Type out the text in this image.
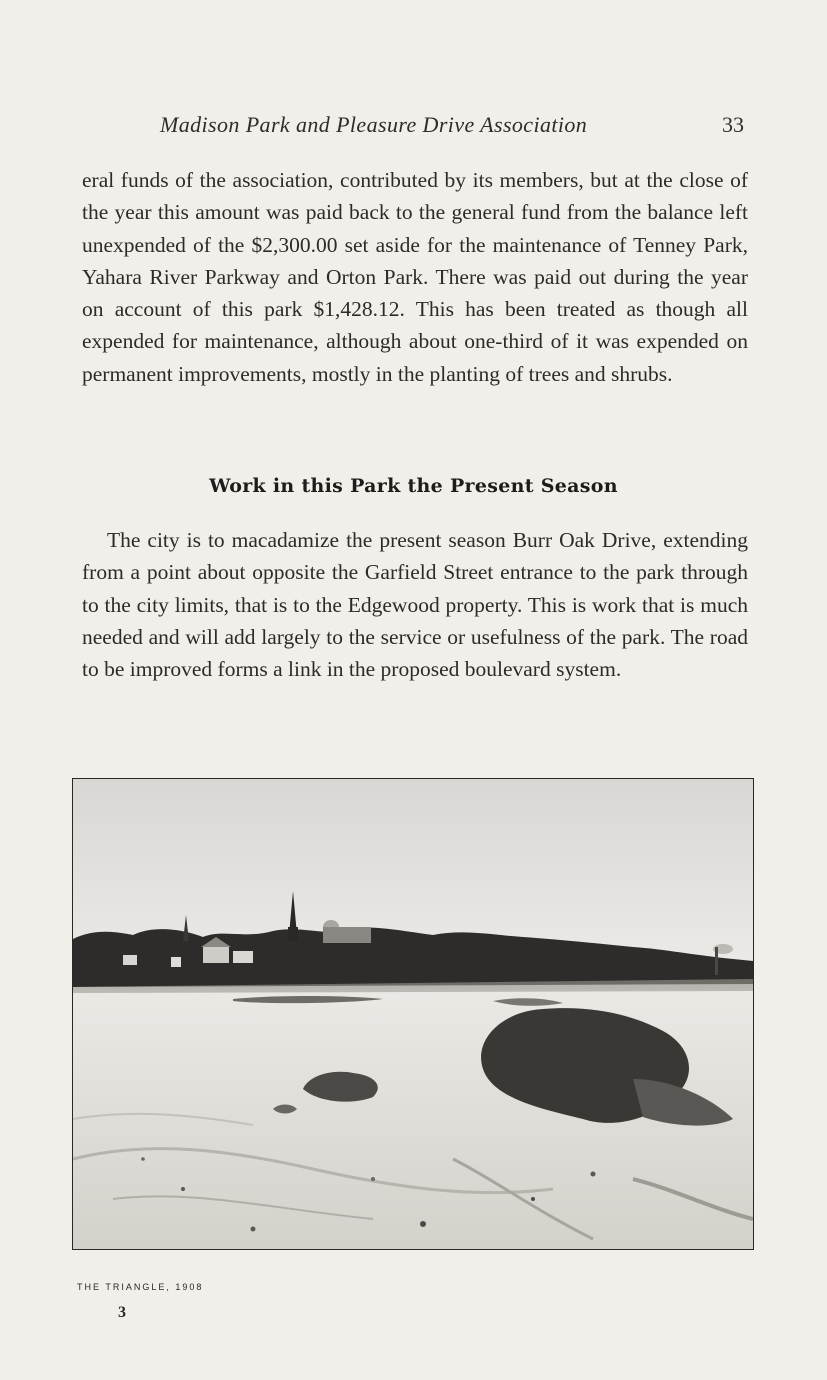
Madison Park and Pleasure Drive Association	33

eral funds of the association, contributed by its members, but at the close of the year this amount was paid back to the general fund from the balance left unexpended of the $2,300.00 set aside for the maintenance of Tenney Park, Yahara River Parkway and Orton Park. There was paid out during the year on account of this park $1,428.12. This has been treated as though all expended for maintenance, although about one-third of it was expended on permanent improvements, mostly in the planting of trees and shrubs.

Work in this Park the Present Season

The city is to macadamize the present season Burr Oak Drive, extending from a point about opposite the Garfield Street entrance to the park through to the city limits, that is to the Edgewood property. This is work that is much needed and will add largely to the service or usefulness of the park. The road to be improved forms a link in the proposed boulevard system.

THE TRIANGLE, 1908
3
